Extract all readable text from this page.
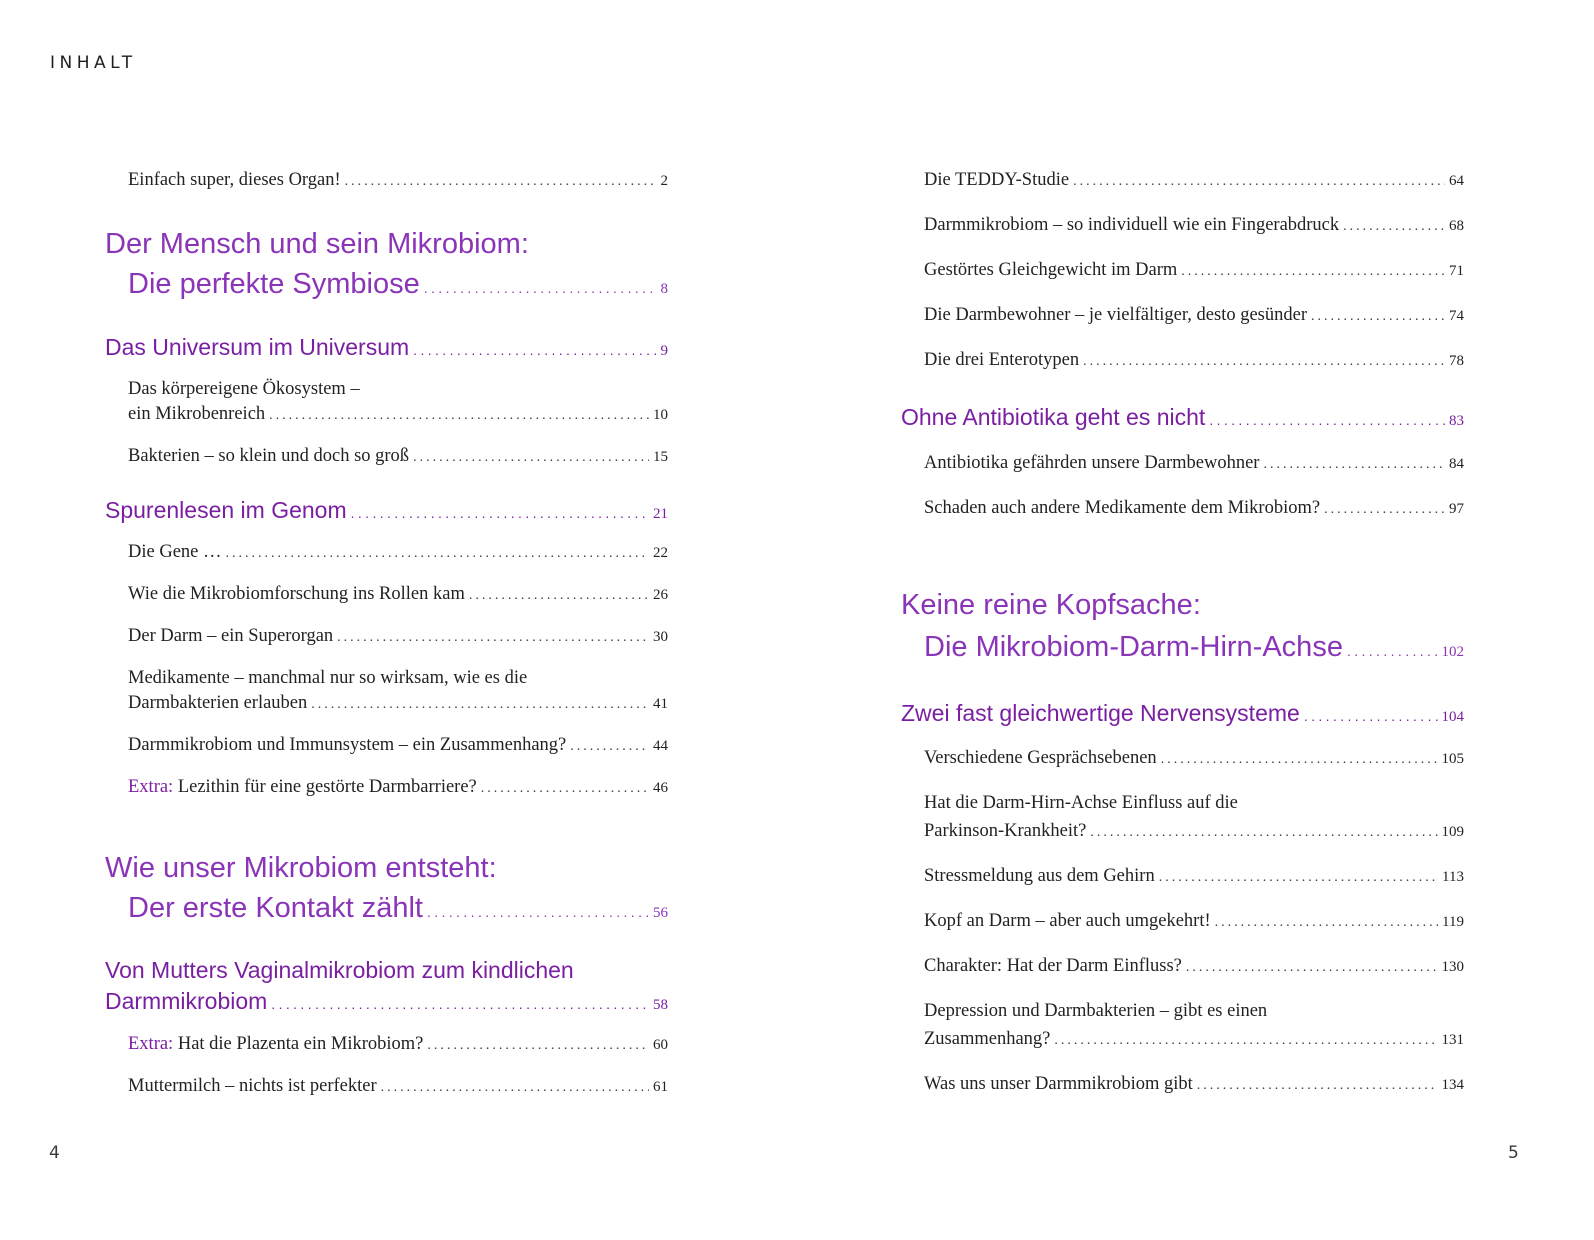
INHALT
Einfach super, dieses Organ! . . .	2
Der Mensch und sein Mikrobiom:
Die perfekte Symbiose . . .	8
Das Universum im Universum . . .	9
Das körpereigene Ökosystem –
ein Mikrobenreich . . .	10
Bakterien – so klein und doch so groß . . .	15
Spurenlesen im Genom . . .	21
Die Gene … . . .	22
Wie die Mikrobiomforschung ins Rollen kam . . .	26
Der Darm – ein Superorgan . . .	30
Medikamente – manchmal nur so wirksam, wie es die
Darmbakterien erlauben . . .	41
Darmmikrobiom und Immunsystem – ein Zusammenhang? . . .	44
Extra: Lezithin für eine gestörte Darmbarriere? . . .	46
Wie unser Mikrobiom entsteht:
Der erste Kontakt zählt . . .	56
Von Mutters Vaginalmikrobiom zum kindlichen
Darmmikrobiom . . .	58
Extra: Hat die Plazenta ein Mikrobiom? . . .	60
Muttermilch – nichts ist perfekter . . .	61
Die TEDDY-Studie . . .	64
Darmmikrobiom – so individuell wie ein Fingerabdruck . . .	68
Gestörtes Gleichgewicht im Darm . . .	71
Die Darmbewohner – je vielfältiger, desto gesünder . . .	74
Die drei Enterotypen . . .	78
Ohne Antibiotika geht es nicht . . .	83
Antibiotika gefährden unsere Darmbewohner . . .	84
Schaden auch andere Medikamente dem Mikrobiom? . . .	97
Keine reine Kopfsache:
Die Mikrobiom-Darm-Hirn-Achse . . .	102
Zwei fast gleichwertige Nervensysteme . . .	104
Verschiedene Gesprächsebenen . . .	105
Hat die Darm-Hirn-Achse Einfluss auf die
Parkinson-Krankheit? . . .	109
Stressmeldung aus dem Gehirn . . .	113
Kopf an Darm – aber auch umgekehrt! . . .	119
Charakter: Hat der Darm Einfluss? . . .	130
Depression und Darmbakterien – gibt es einen
Zusammenhang? . . .	131
Was uns unser Darmmikrobiom gibt . . .	134
4	5
